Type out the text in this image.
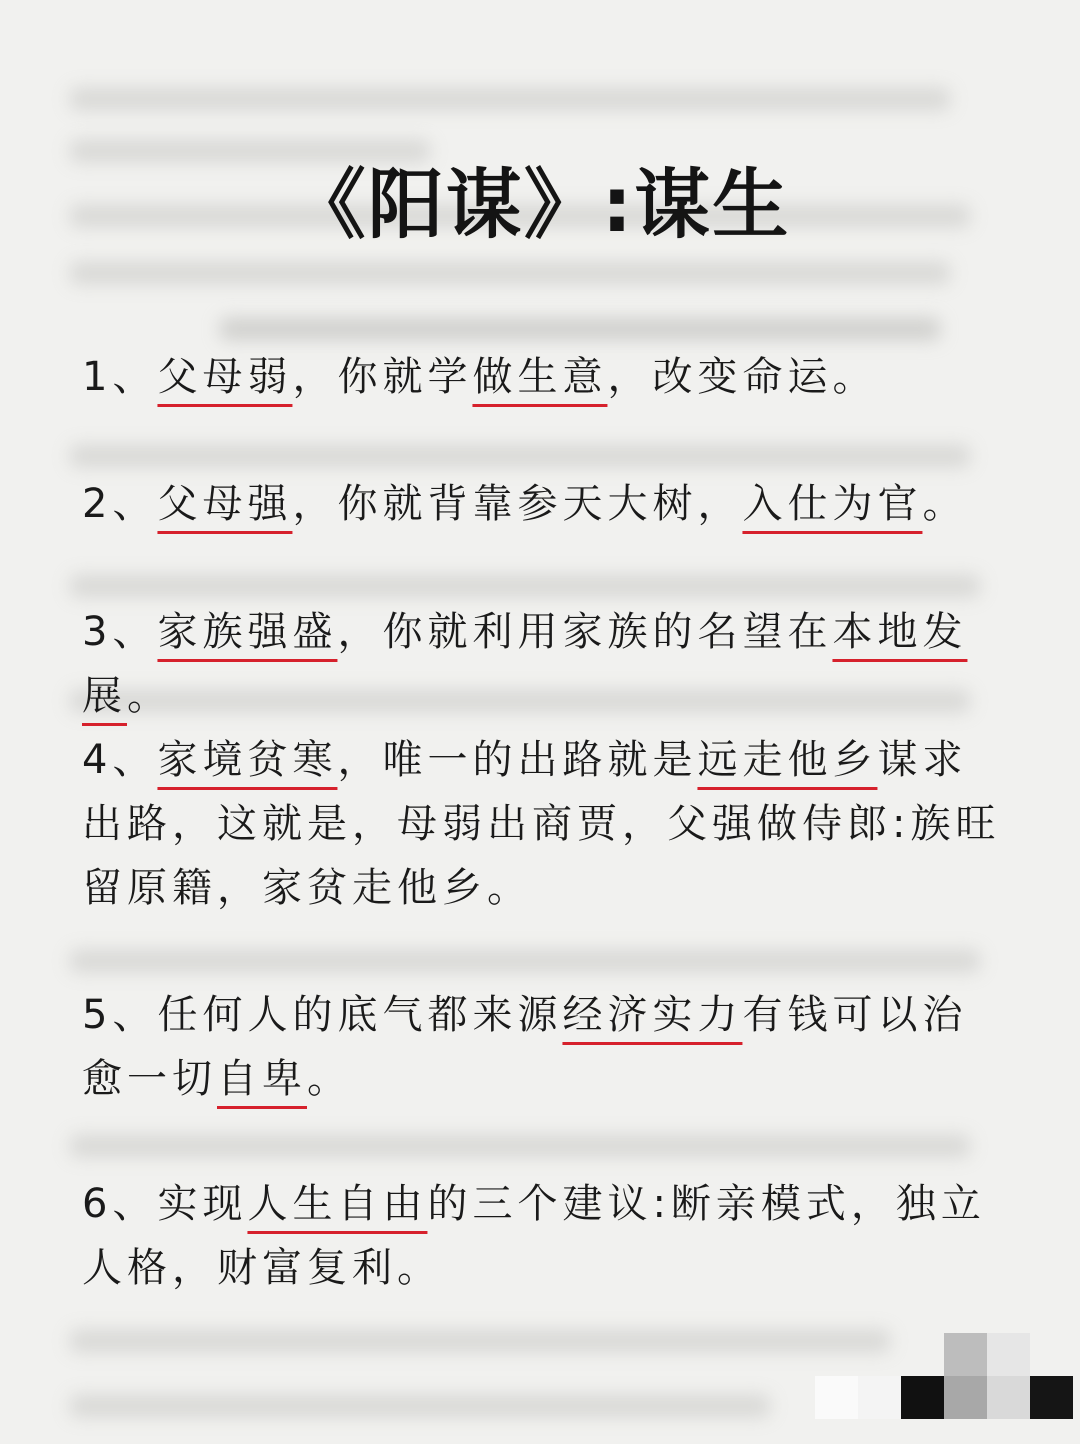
《阳谋》:谋生
1、父母弱，你就学做生意，改变命运。
2、父母强，你就背靠参天大树，入仕为官。
3、家族强盛，你就利用家族的名望在本地发展。
4、家境贫寒，唯一的出路就是远走他乡谋求出路，这就是，母弱出商贾，父强做侍郎:族旺留原籍，家贫走他乡。
5、任何人的底气都来源经济实力有钱可以治愈一切自卑。
6、实现人生自由的三个建议:断亲模式，独立人格，财富复利。
